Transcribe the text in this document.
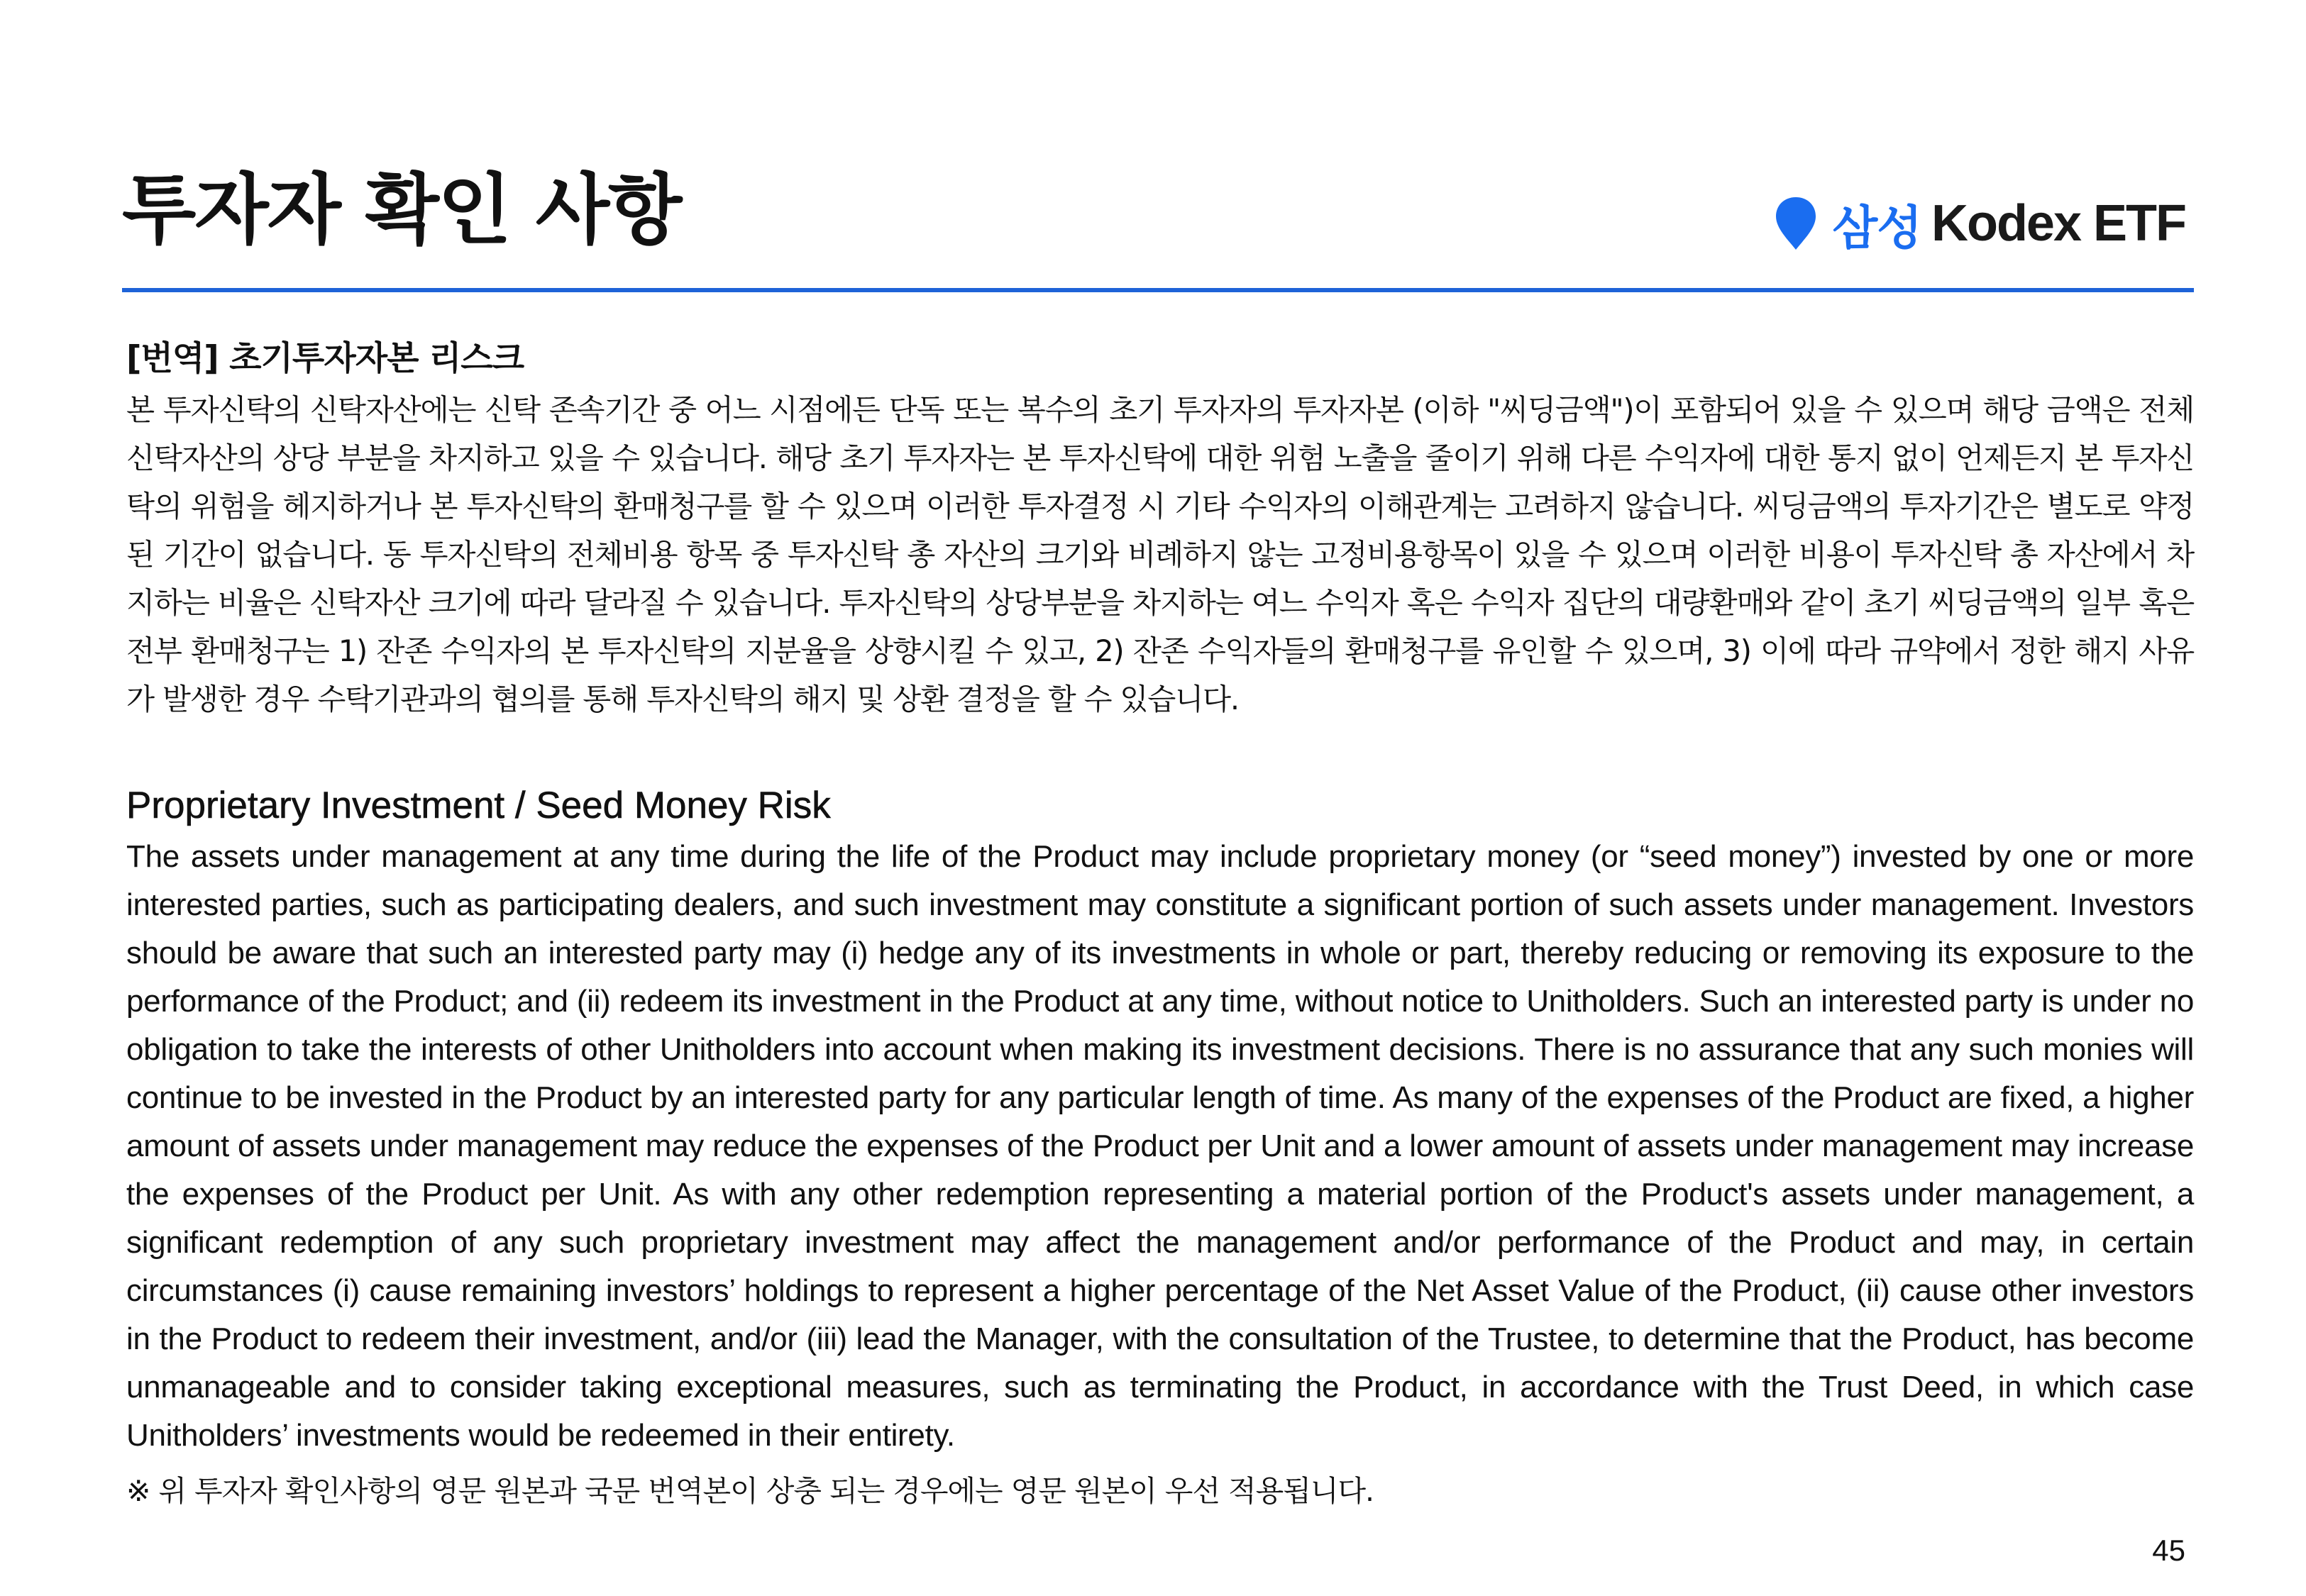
투자자 확인 사항	삼성 Kodex ETF
[번역] 초기투자자본 리스크

본 투자신탁의 신탁자산에는 신탁 존속기간 중 어느 시점에든 단독 또는 복수의 초기 투자자의 투자자본 (이하 "씨딩금액")이 포함되어 있을 수 있으며 해당 금액은 전체 신탁자산의 상당 부분을 차지하고 있을 수 있습니다. 해당 초기 투자자는 본 투자신탁에 대한 위험 노출을 줄이기 위해 다른 수익자에 대한 통지 없이 언제든지 본 투자신탁의 위험을 헤지하거나 본 투자신탁의 환매청구를 할 수 있으며 이러한 투자결정 시 기타 수익자의 이해관계는 고려하지 않습니다. 씨딩금액의 투자기간은 별도로 약정된 기간이 없습니다. 동 투자신탁의 전체비용 항목 중 투자신탁 총 자산의 크기와 비례하지 않는 고정비용항목이 있을 수 있으며 이러한 비용이 투자신탁 총 자산에서 차지하는 비율은 신탁자산 크기에 따라 달라질 수 있습니다. 투자신탁의 상당부분을 차지하는 여느 수익자 혹은 수익자 집단의 대량환매와 같이 초기 씨딩금액의 일부 혹은 전부 환매청구는 1) 잔존 수익자의 본 투자신탁의 지분율을 상향시킬 수 있고, 2) 잔존 수익자들의 환매청구를 유인할 수 있으며, 3) 이에 따라 규약에서 정한 해지 사유가 발생한 경우 수탁기관과의 협의를 통해 투자신탁의 해지 및 상환 결정을 할 수 있습니다.

Proprietary Investment / Seed Money Risk

The assets under management at any time during the life of the Product may include proprietary money (or “seed money”) invested by one or more interested parties, such as participating dealers, and such investment may constitute a significant portion of such assets under management. Investors should be aware that such an interested party may (i) hedge any of its investments in whole or part, thereby reducing or removing its exposure to the performance of the Product; and (ii) redeem its investment in the Product at any time, without notice to Unitholders. Such an interested party is under no obligation to take the interests of other Unitholders into account when making its investment decisions. There is no assurance that any such monies will continue to be invested in the Product by an interested party for any particular length of time. As many of the expenses of the Product are fixed, a higher amount of assets under management may reduce the expenses of the Product per Unit and a lower amount of assets under management may increase the expenses of the Product per Unit. As with any other redemption representing a material portion of the Product's assets under management, a significant redemption of any such proprietary investment may affect the management and/or performance of the Product and may, in certain circumstances (i) cause remaining investors’ holdings to represent a higher percentage of the Net Asset Value of the Product, (ii) cause other investors in the Product to redeem their investment, and/or (iii) lead the Manager, with the consultation of the Trustee, to determine that the Product, has become unmanageable and to consider taking exceptional measures, such as terminating the Product, in accordance with the Trust Deed, in which case Unitholders’ investments would be redeemed in their entirety.

※ 위 투자자 확인사항의 영문 원본과 국문 번역본이 상충 되는 경우에는 영문 원본이 우선 적용됩니다.

45
